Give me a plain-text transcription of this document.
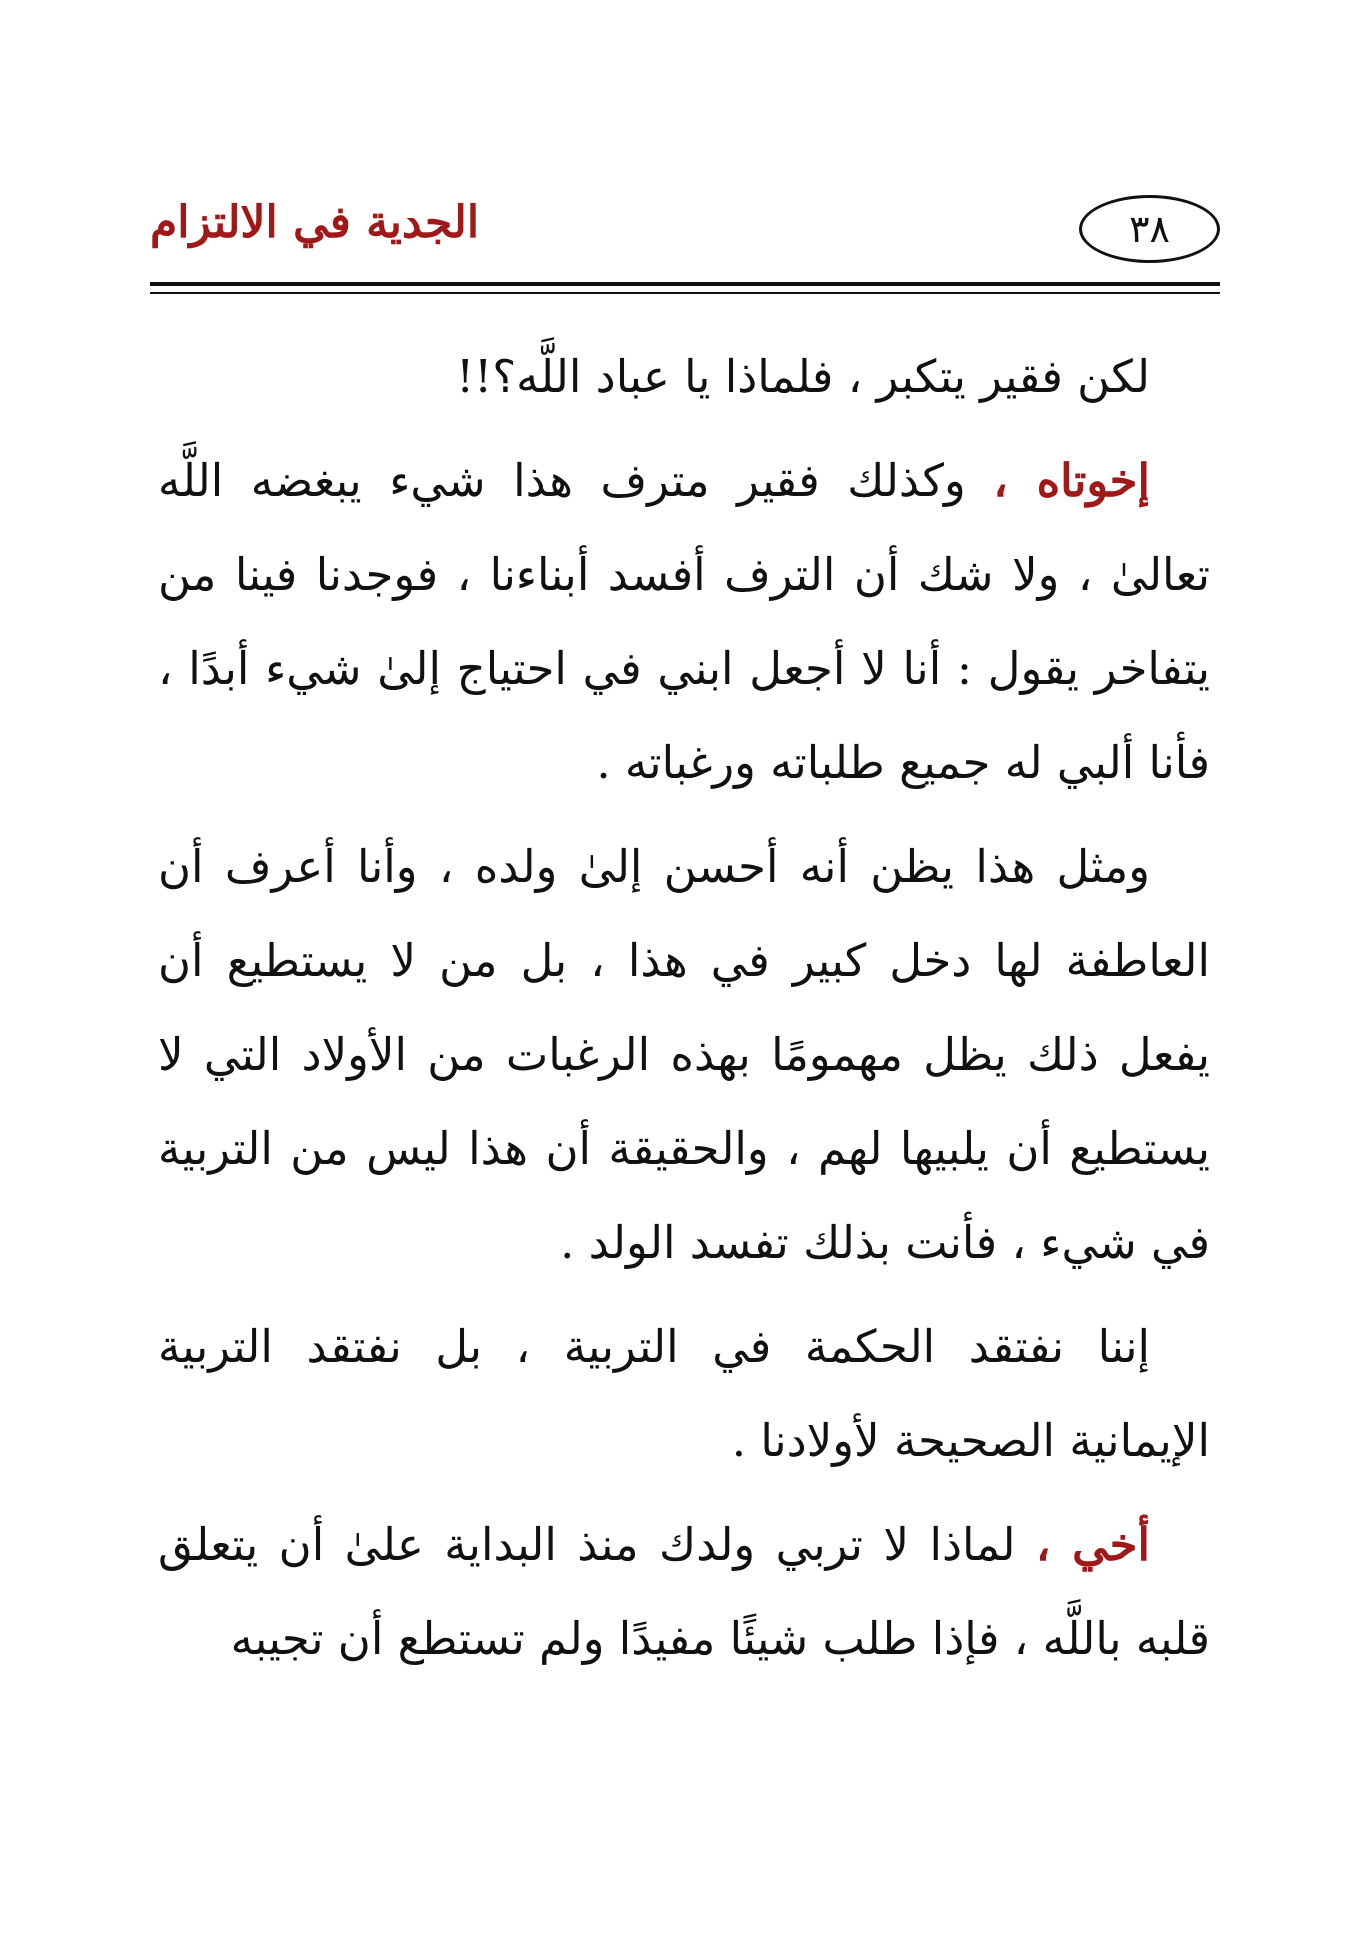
٣٨
الجدية في الالتزام

لكن فقير يتكبر ، فلماذا يا عباد اللَّه؟!!

إخوتاه ، وكذلك فقير مترف هذا شيء يبغضه اللَّه تعالىٰ ، ولا شك أن الترف أفسد أبناءنا ، فوجدنا فينا من يتفاخر يقول : أنا لا أجعل ابني في احتياج إلىٰ شيء أبدًا ، فأنا ألبي له جميع طلباته ورغباته .

ومثل هذا يظن أنه أحسن إلىٰ ولده ، وأنا أعرف أن العاطفة لها دخل كبير في هذا ، بل من لا يستطيع أن يفعل ذلك يظل مهمومًا بهذه الرغبات من الأولاد التي لا يستطيع أن يلبيها لهم ، والحقيقة أن هذا ليس من التربية في شيء ، فأنت بذلك تفسد الولد .

إننا نفتقد الحكمة في التربية ، بل نفتقد التربية الإيمانية الصحيحة لأولادنا .

أخي ، لماذا لا تربي ولدك منذ البداية علىٰ أن يتعلق قلبه باللَّه ، فإذا طلب شيئًا مفيدًا ولم تستطع أن تجيبه
